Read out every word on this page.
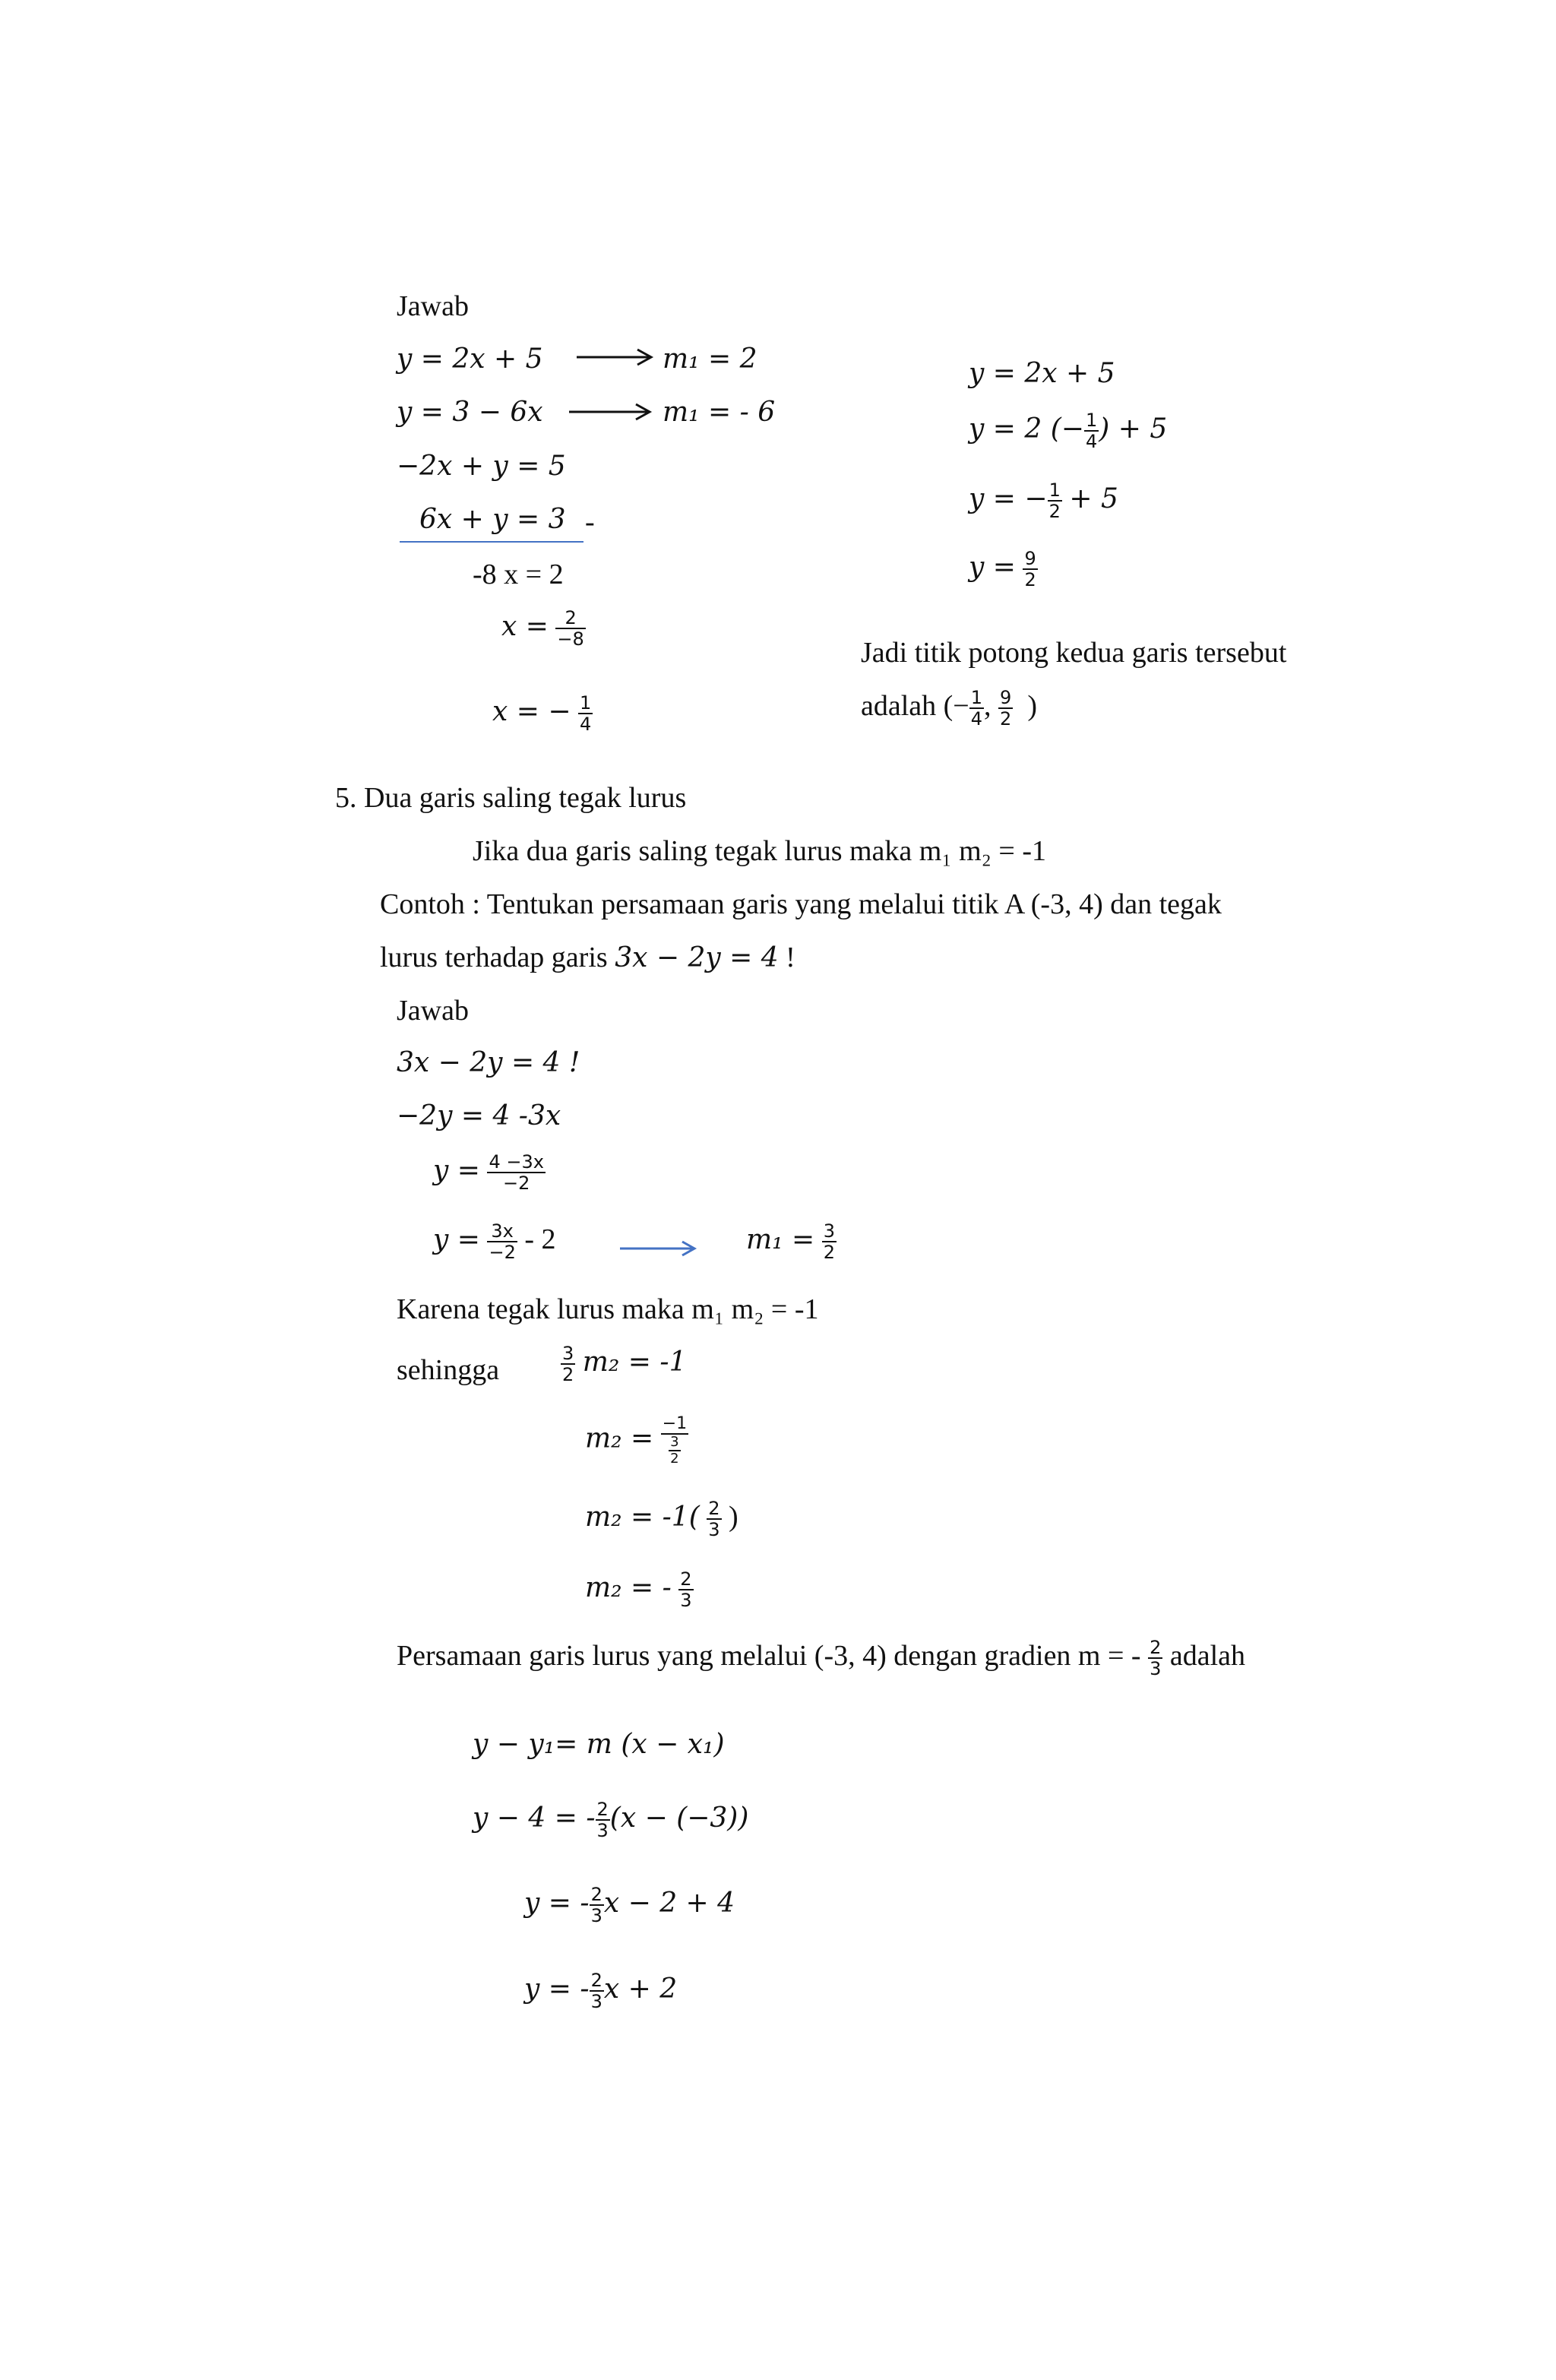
Jawab
y = 2x + 5	m₁ = 2
y = 3 − 6x	m₁ = - 6
−2x + y = 5
6x + y = 3 -
-8 x = 2
$x = \frac{2}{-8}$
x = − $\frac{1}{4}$
y = 2x + 5
y = 2 (− $\frac{1}{4}$ ) + 5
y = − $\frac{1}{2} + 5$
$y = \frac{9}{2}$
Jadi titik potong kedua garis tersebut
adalah (− $\frac{1}{4}$ , $\frac{9}{2}$ )
5. Dua garis saling tegak lurus
Jika dua garis saling tegak lurus maka m₁ m₂ = -1
Contoh : Tentukan persamaan garis yang melalui titik A (-3, 4) dan tegak
lurus terhadap garis 3x − 2y = 4 !
Jawab
3x − 2y = 4 !
−2y = 4 -3x
$y = \frac{4 -3x}{-2}$
$y = \frac{3x}{-2} - 2$	$m_1 = \frac{3}{2}$
Karena tegak lurus maka m₁ m₂ = -1
sehingga	$\frac{3}{2} m_2 = -1$
$m_2 = \frac{-1}{\frac{3}{2}}$
$m_2 = -1( \frac{2}{3}$ )
m₂ = - $\frac{2}{3}$
Persamaan garis lurus yang melalui (-3, 4) dengan gradien m = - $\frac{2}{3}$ adalah
y − y₁= m (x − x₁)
y − 4 = - $\frac{2}{3} (x - (-3))$
y = - $\frac{2}{3}$ x − 2 + 4
y = - $\frac{2}{3}$ x + 2
